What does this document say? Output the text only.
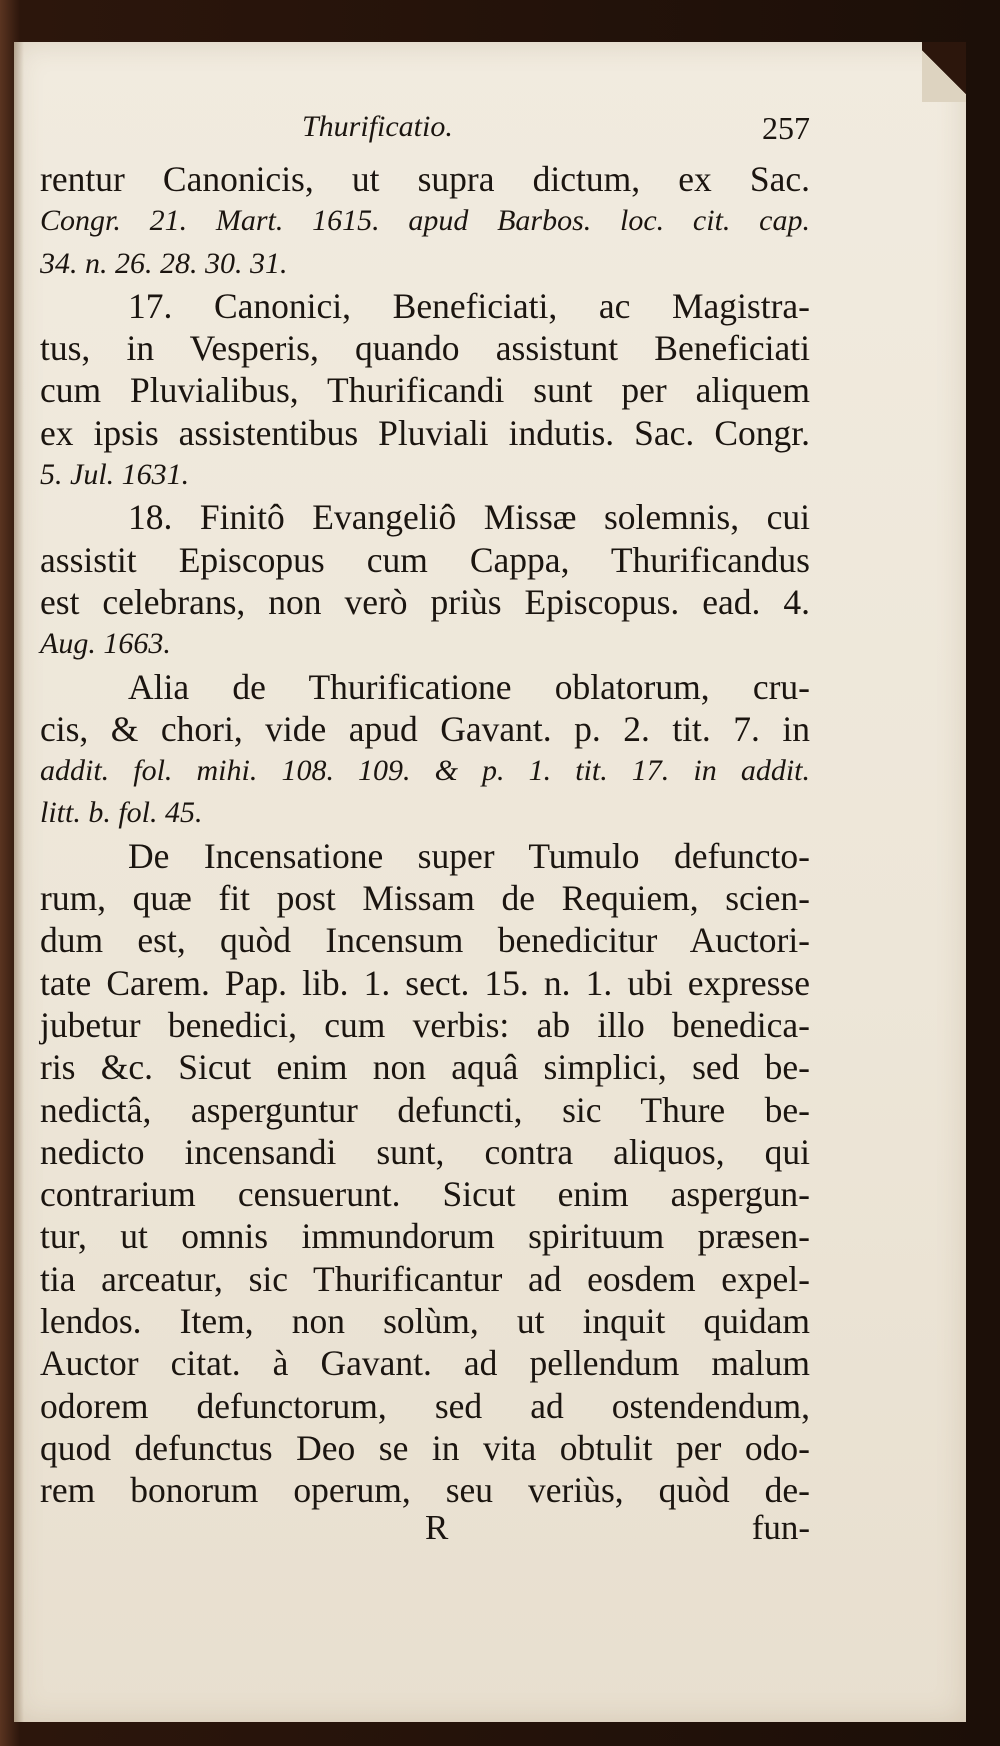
Thurificatio.	257
rentur Canonicis, ut supra dictum, ex Sac.
Congr. 21. Mart. 1615. apud Barbos. loc. cit. cap.
34. n. 26. 28. 30. 31.
17. Canonici, Beneficiati, ac Magistra-
tus, in Vesperis, quando assistunt Beneficiati
cum Pluvialibus, Thurificandi sunt per aliquem
ex ipsis assistentibus Pluviali indutis. Sac. Congr.
5. Jul. 1631.
18. Finitô Evangeliô Missæ solemnis, cui
assistit Episcopus cum Cappa, Thurificandus
est celebrans, non verò priùs Episcopus. ead. 4.
Aug. 1663.
Alia de Thurificatione oblatorum, cru-
cis, & chori, vide apud Gavant. p. 2. tit. 7. in
addit. fol. mihi. 108. 109. & p. 1. tit. 17. in addit.
litt. b. fol. 45.
De Incensatione super Tumulo defuncto-
rum, quæ fit post Missam de Requiem, scien-
dum est, quòd Incensum benedicitur Auctori-
tate Carem. Pap. lib. 1. sect. 15. n. 1. ubi expresse
jubetur benedici, cum verbis: ab illo benedica-
ris &c. Sicut enim non aquâ simplici, sed be-
nedictâ, asperguntur defuncti, sic Thure be-
nedicto incensandi sunt, contra aliquos, qui
contrarium censuerunt. Sicut enim aspergun-
tur, ut omnis immundorum spirituum præsen-
tia arceatur, sic Thurificantur ad eosdem expel-
lendos. Item, non solùm, ut inquit quidam
Auctor citat. à Gavant. ad pellendum malum
odorem defunctorum, sed ad ostendendum,
quod defunctus Deo se in vita obtulit per odo-
rem bonorum operum, seu veriùs, quòd de-
R	fun-
